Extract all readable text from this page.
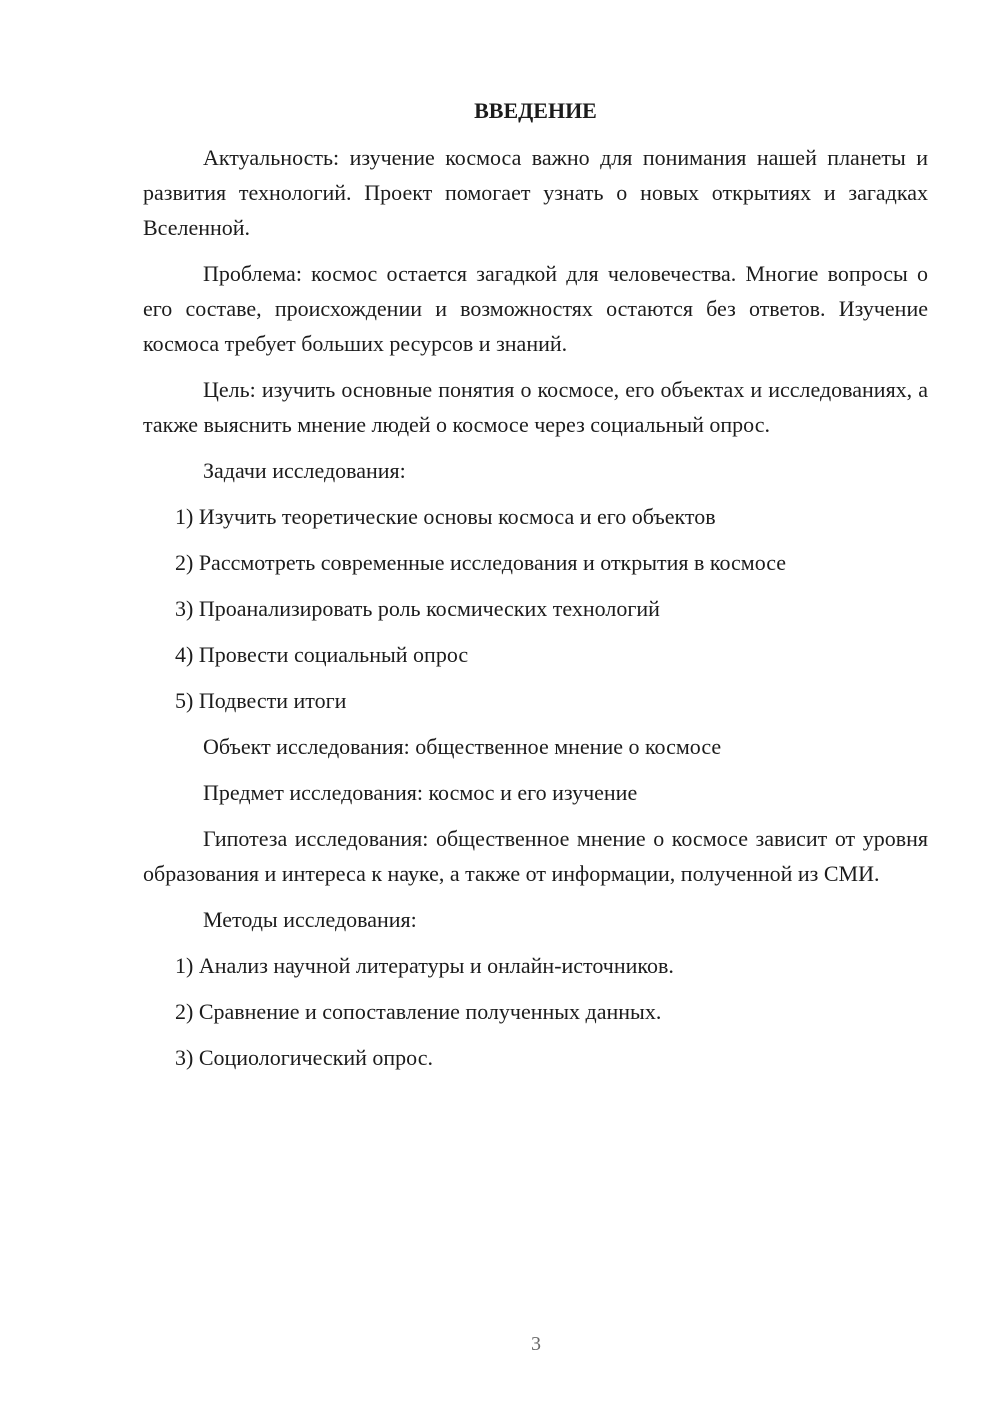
ВВЕДЕНИЕ

Актуальность: изучение космоса важно для понимания нашей планеты и развития технологий. Проект помогает узнать о новых открытиях и загадках Вселенной.

Проблема: космос остается загадкой для человечества. Многие вопросы о его составе, происхождении и возможностях остаются без ответов. Изучение космоса требует больших ресурсов и знаний.

Цель: изучить основные понятия о космосе, его объектах и исследованиях, а также выяснить мнение людей о космосе через социальный опрос.

Задачи исследования:

1) Изучить теоретические основы космоса и его объектов

2) Рассмотреть современные исследования и открытия в космосе

3) Проанализировать роль космических технологий

4) Провести социальный опрос

5) Подвести итоги

Объект исследования: общественное мнение о космосе

Предмет исследования: космос и его изучение

Гипотеза исследования: общественное мнение о космосе зависит от уровня образования и интереса к науке, а также от информации, полученной из СМИ.

Методы исследования:

1) Анализ научной литературы и онлайн-источников.

2) Сравнение и сопоставление полученных данных.

3) Социологический опрос.

3
